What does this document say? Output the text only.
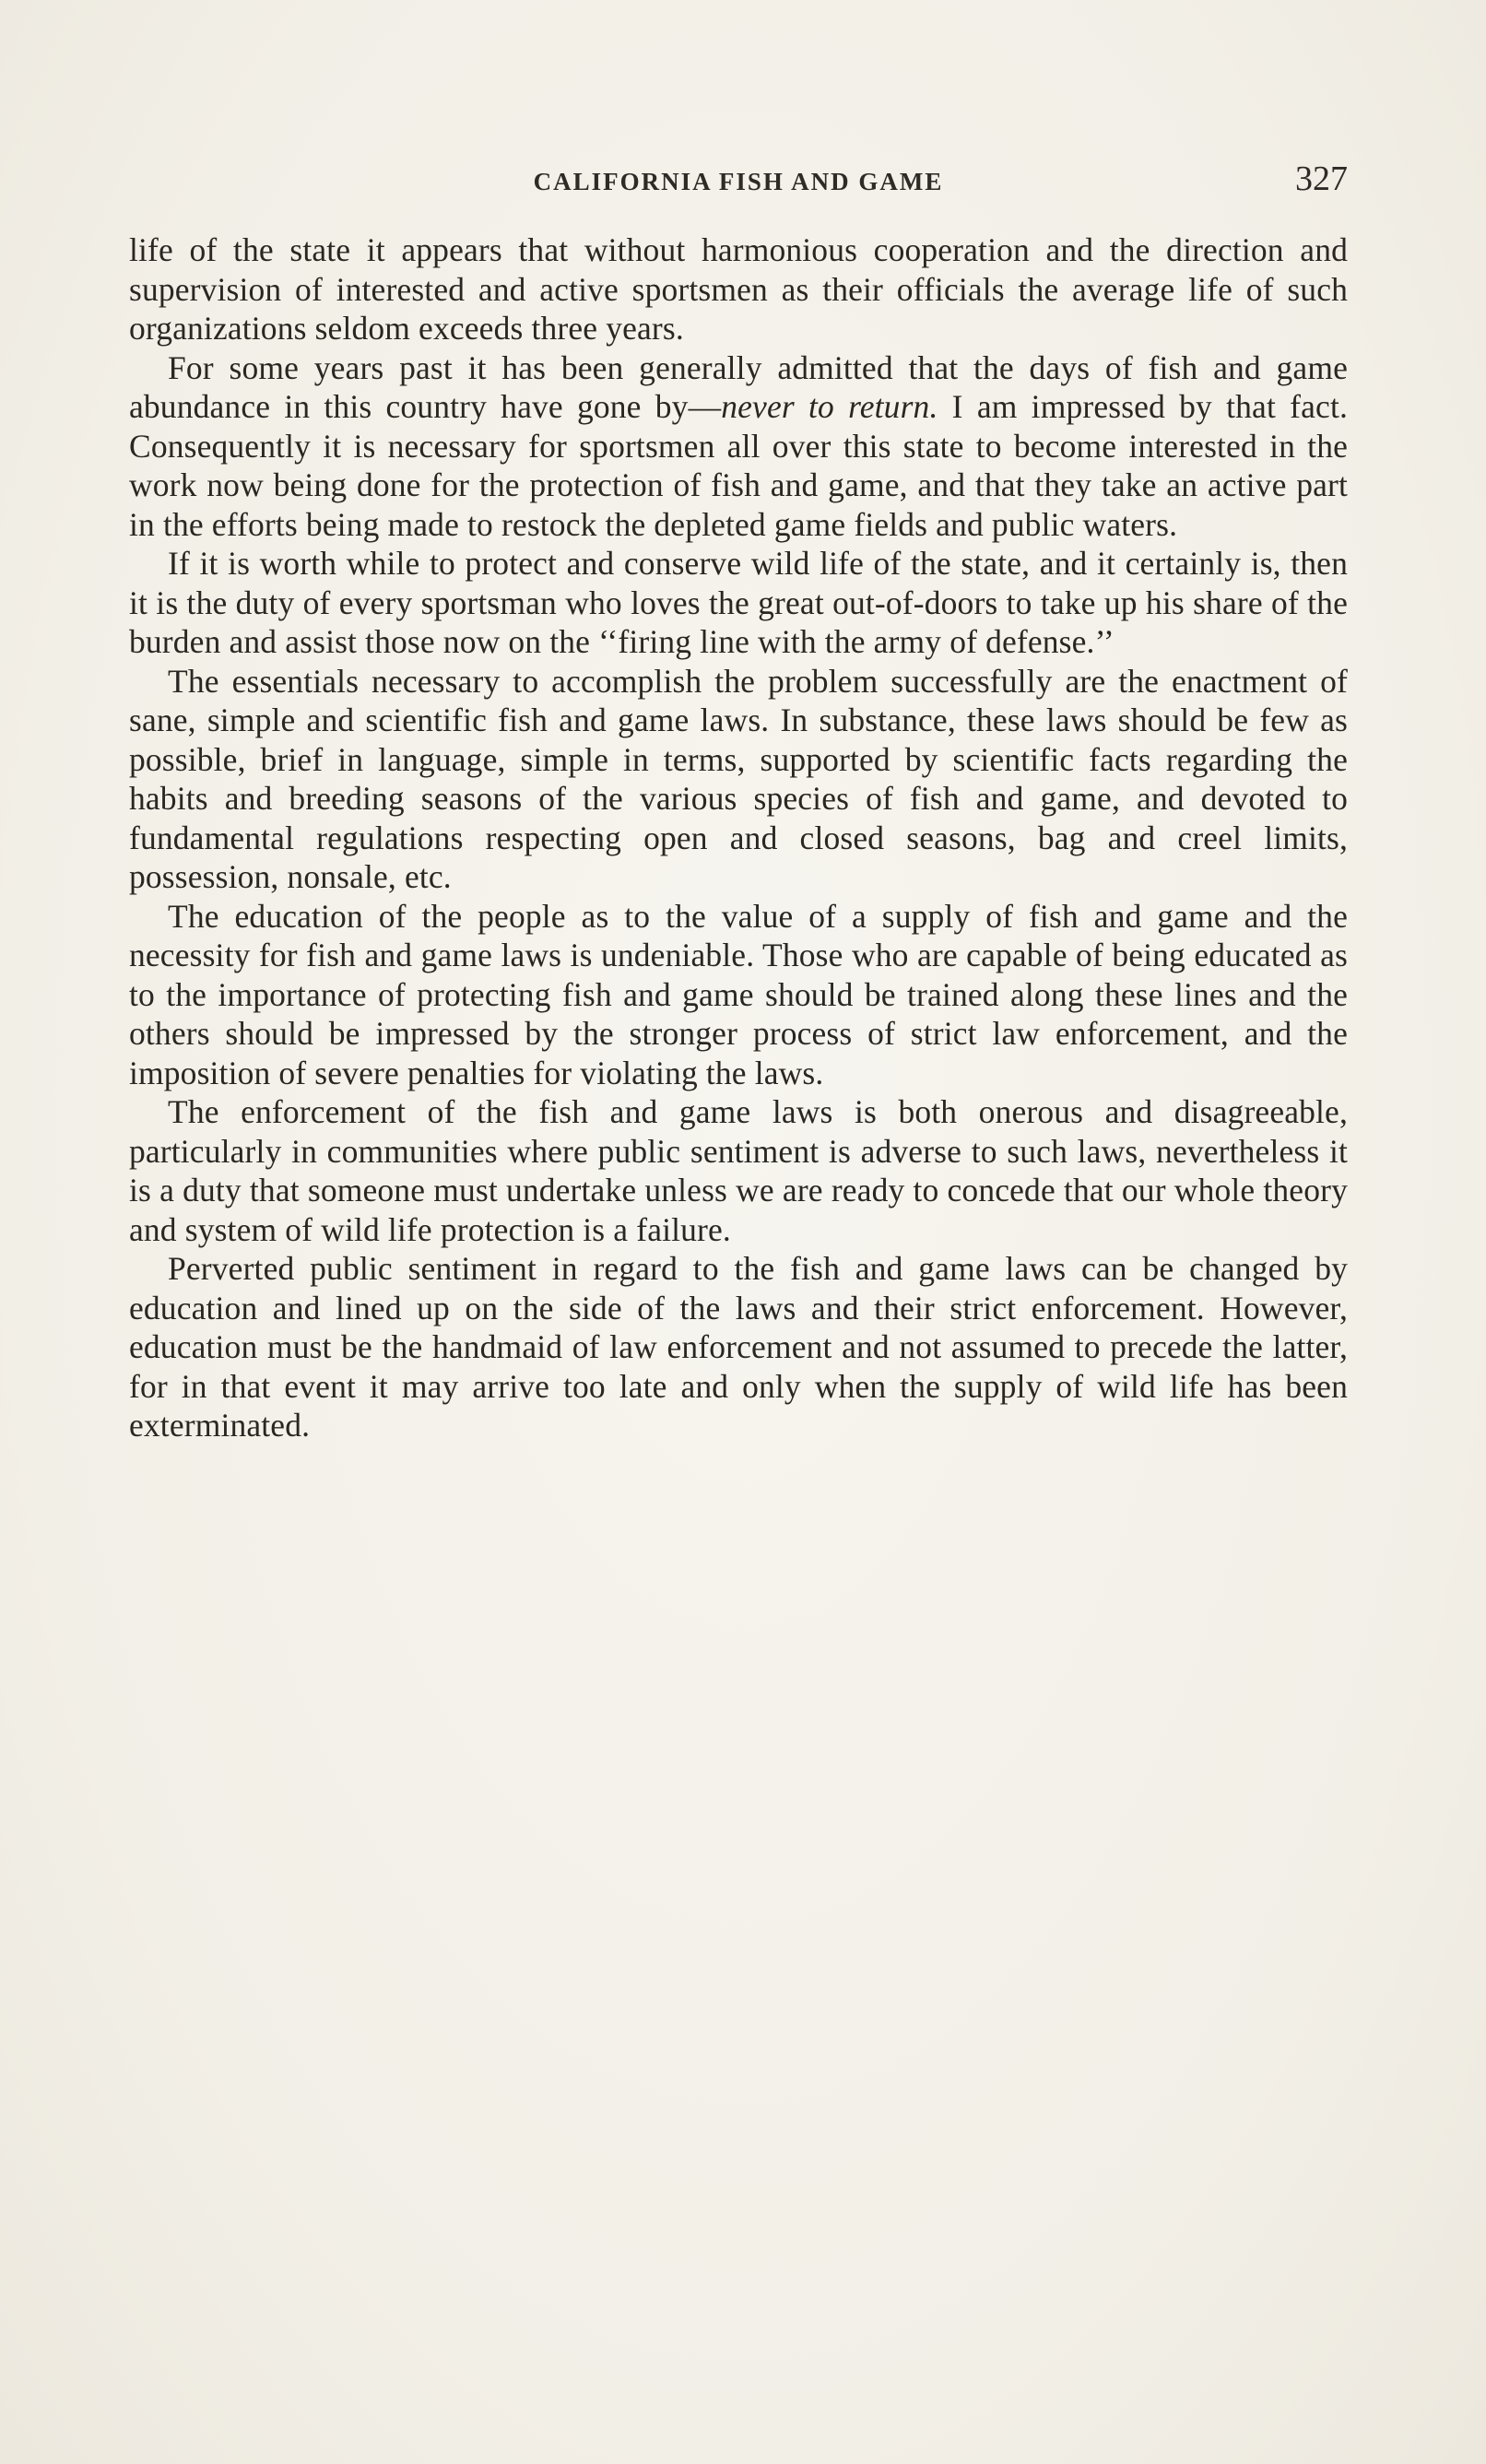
CALIFORNIA FISH AND GAME	327

life of the state it appears that without harmonious cooperation and the direction and supervision of interested and active sportsmen as their officials the average life of such organizations seldom exceeds three years.

For some years past it has been generally admitted that the days of fish and game abundance in this country have gone by—never to return. I am impressed by that fact. Consequently it is necessary for sportsmen all over this state to become interested in the work now being done for the protection of fish and game, and that they take an active part in the efforts being made to restock the depleted game fields and public waters.

If it is worth while to protect and conserve wild life of the state, and it certainly is, then it is the duty of every sportsman who loves the great out-of-doors to take up his share of the burden and assist those now on the ‘‘firing line with the army of defense.’’

The essentials necessary to accomplish the problem successfully are the enactment of sane, simple and scientific fish and game laws. In substance, these laws should be few as possible, brief in language, simple in terms, supported by scientific facts regarding the habits and breeding seasons of the various species of fish and game, and devoted to fundamental regulations respecting open and closed seasons, bag and creel limits, possession, nonsale, etc.

The education of the people as to the value of a supply of fish and game and the necessity for fish and game laws is undeniable. Those who are capable of being educated as to the importance of protecting fish and game should be trained along these lines and the others should be impressed by the stronger process of strict law enforcement, and the imposition of severe penalties for violating the laws.

The enforcement of the fish and game laws is both onerous and disagreeable, particularly in communities where public sentiment is adverse to such laws, nevertheless it is a duty that someone must undertake unless we are ready to concede that our whole theory and system of wild life protection is a failure.

Perverted public sentiment in regard to the fish and game laws can be changed by education and lined up on the side of the laws and their strict enforcement. However, education must be the handmaid of law enforcement and not assumed to precede the latter, for in that event it may arrive too late and only when the supply of wild life has been exterminated.
